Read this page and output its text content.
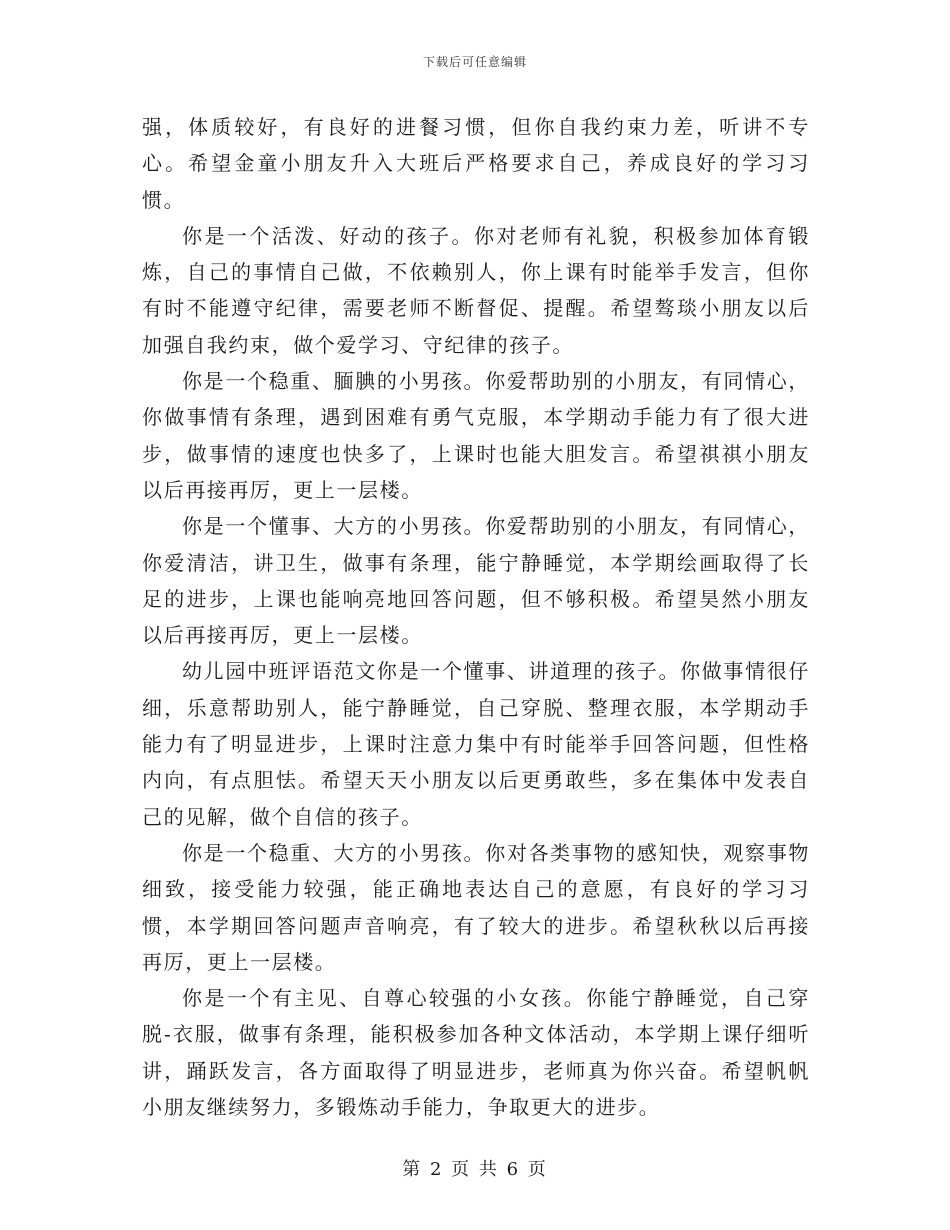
下载后可任意编辑

强，体质较好，有良好的进餐习惯，但你自我约束力差，听讲不专心。希望金童小朋友升入大班后严格要求自己，养成良好的学习习惯。

你是一个活泼、好动的孩子。你对老师有礼貌，积极参加体育锻炼，自己的事情自己做，不依赖别人，你上课有时能举手发言，但你有时不能遵守纪律，需要老师不断督促、提醒。希望骜琰小朋友以后加强自我约束，做个爱学习、守纪律的孩子。

你是一个稳重、腼腆的小男孩。你爱帮助别的小朋友，有同情心，你做事情有条理，遇到困难有勇气克服，本学期动手能力有了很大进步，做事情的速度也快多了，上课时也能大胆发言。希望祺祺小朋友以后再接再厉，更上一层楼。

你是一个懂事、大方的小男孩。你爱帮助别的小朋友，有同情心，你爱清洁，讲卫生，做事有条理，能宁静睡觉，本学期绘画取得了长足的进步，上课也能响亮地回答问题，但不够积极。希望昊然小朋友以后再接再厉，更上一层楼。

幼儿园中班评语范文你是一个懂事、讲道理的孩子。你做事情很仔细，乐意帮助别人，能宁静睡觉，自己穿脱、整理衣服，本学期动手能力有了明显进步，上课时注意力集中有时能举手回答问题，但性格内向，有点胆怯。希望天天小朋友以后更勇敢些，多在集体中发表自己的见解，做个自信的孩子。

你是一个稳重、大方的小男孩。你对各类事物的感知快，观察事物细致，接受能力较强，能正确地表达自己的意愿，有良好的学习习惯，本学期回答问题声音响亮，有了较大的进步。希望秋秋以后再接再厉，更上一层楼。

你是一个有主见、自尊心较强的小女孩。你能宁静睡觉，自己穿脱-衣服，做事有条理，能积极参加各种文体活动，本学期上课仔细听讲，踊跃发言，各方面取得了明显进步，老师真为你兴奋。希望帆帆小朋友继续努力，多锻炼动手能力，争取更大的进步。

第 2 页 共 6 页
